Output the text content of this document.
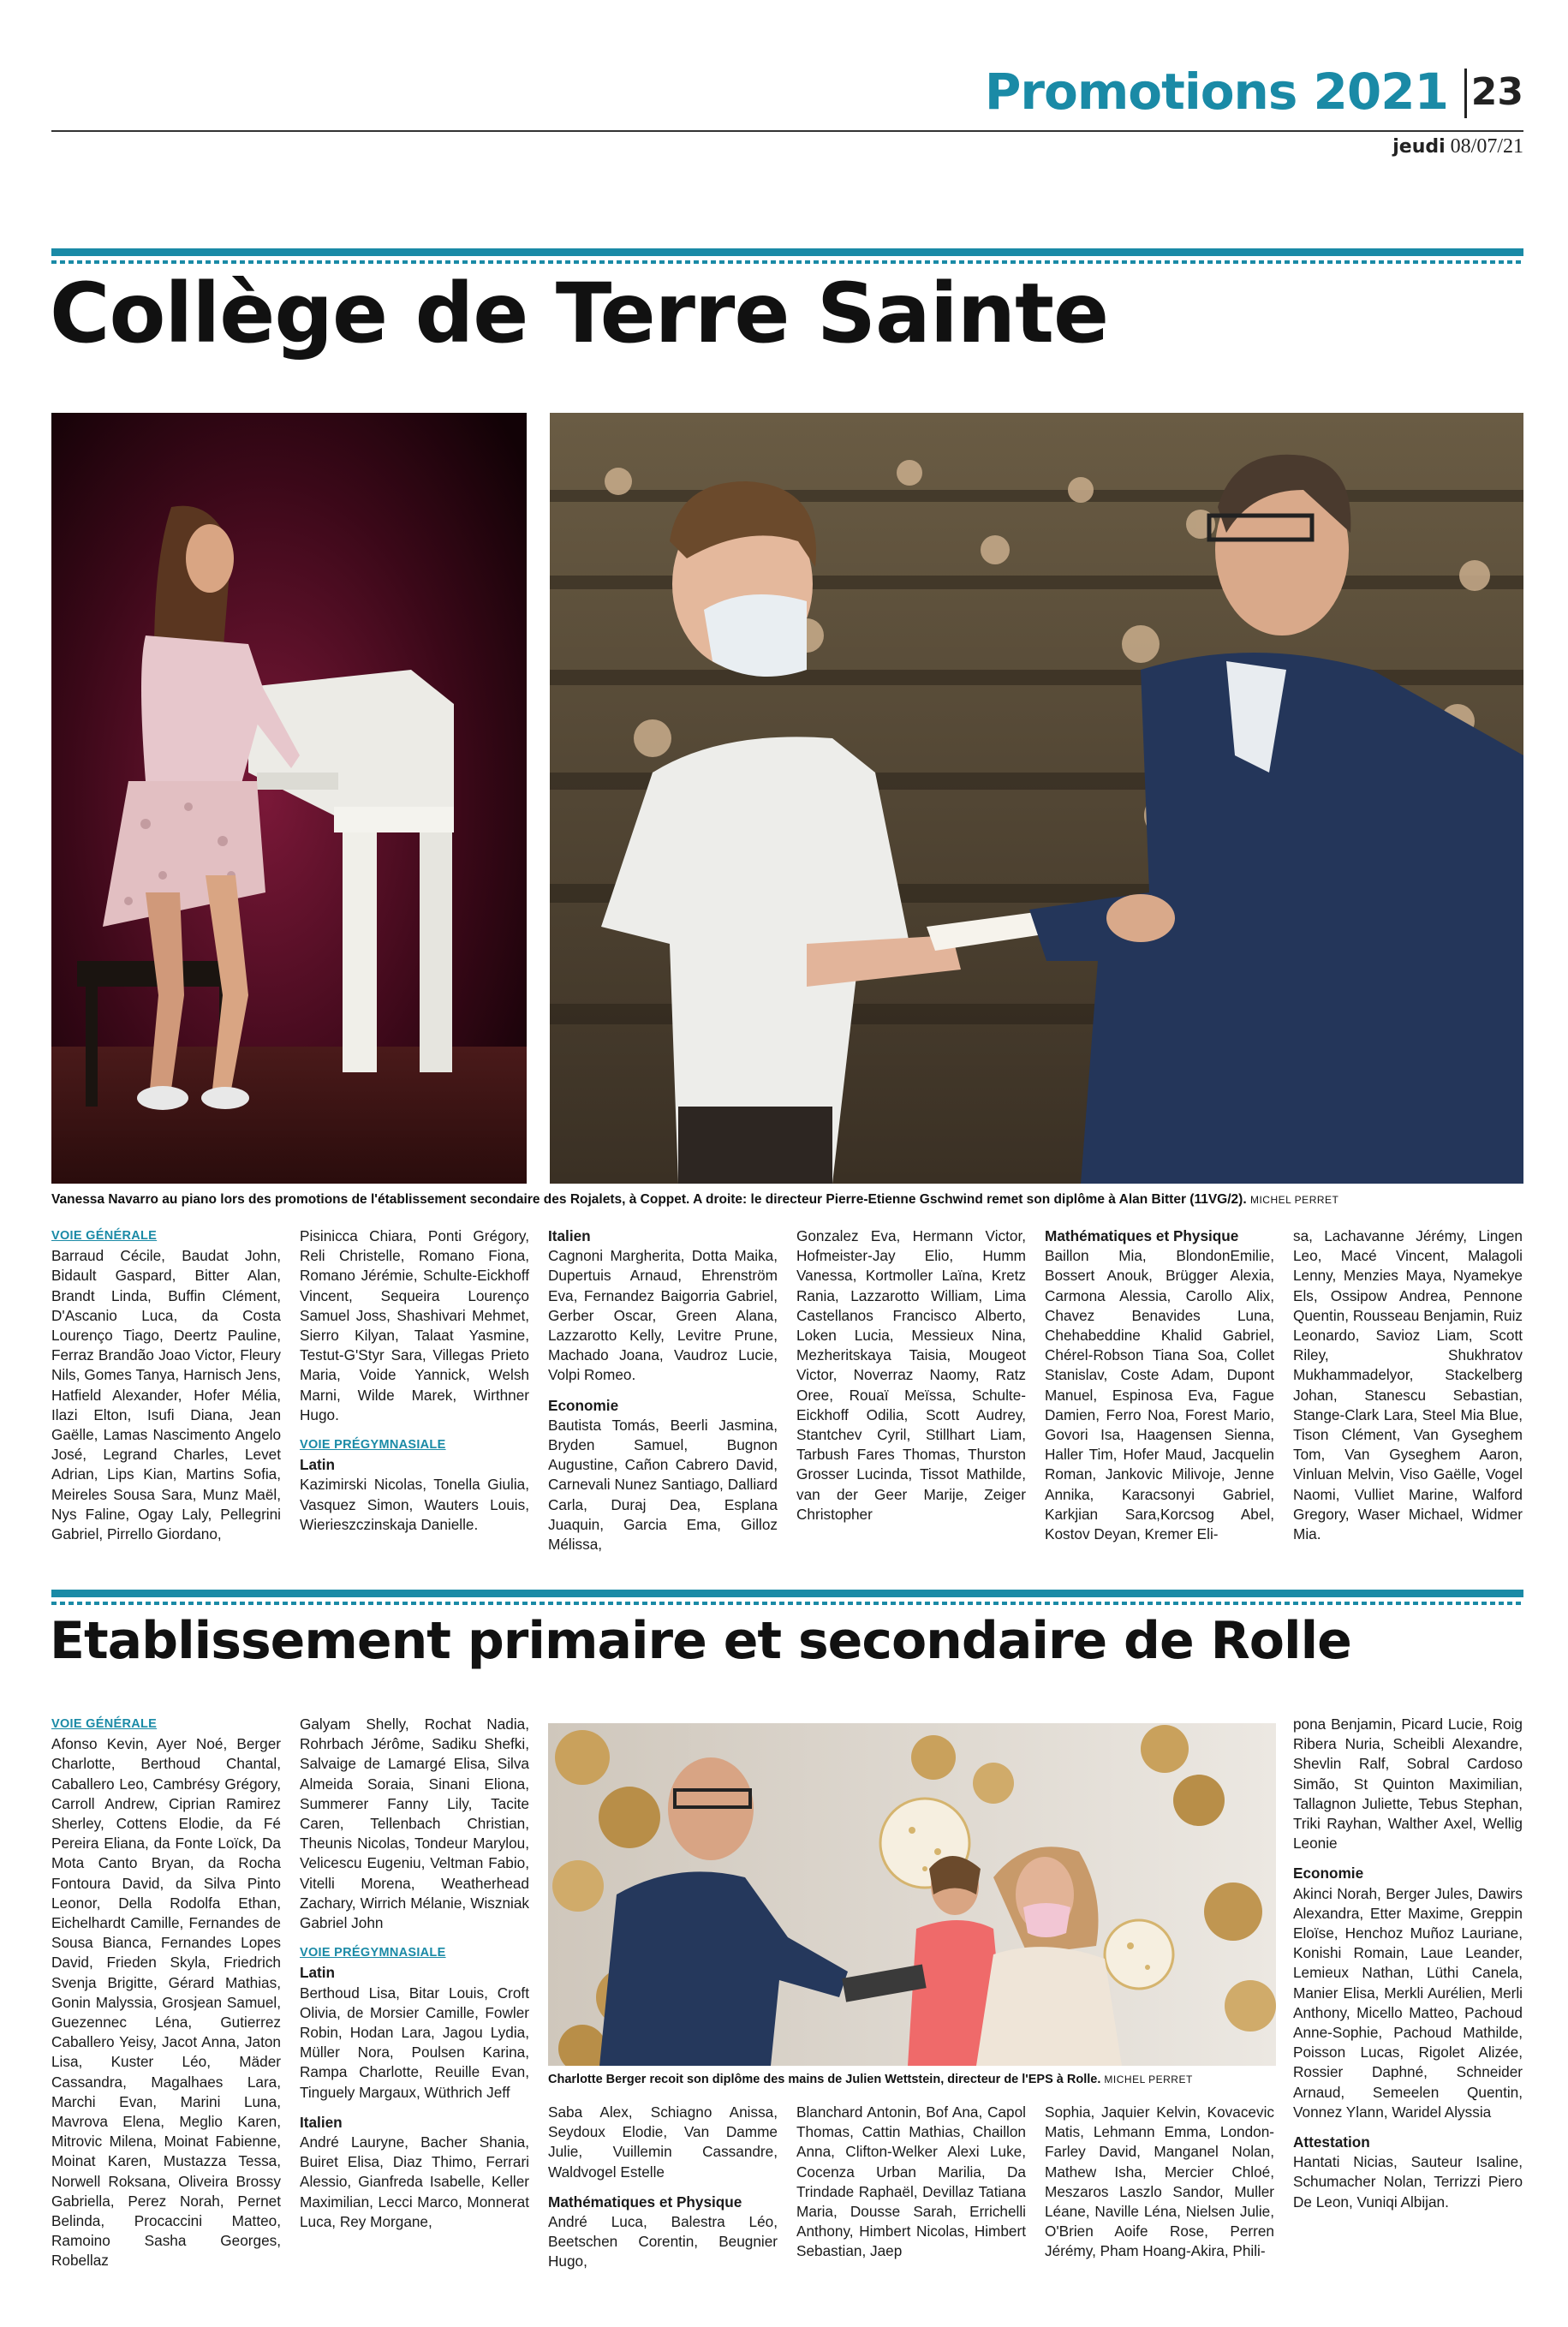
Promotions 2021 23
jeudi 08/07/21
Collège de Terre Sainte
Vanessa Navarro au piano lors des promotions de l'établissement secondaire des Rojalets, à Coppet. A droite: le directeur Pierre-Etienne Gschwind remet son diplôme à Alan Bitter (11VG/2). MICHEL PERRET

VOIE GÉNÉRALE

Barraud Cécile, Baudat John, Bidault Gaspard, Bitter Alan, Brandt Linda, Buffin Clément, D'Ascanio Luca, da Costa Lourenço Tiago, Deertz Pauline, Ferraz Brandão Joao Victor, Fleury Nils, Gomes Tanya, Harnisch Jens, Hatfield Alexander, Hofer Mélia, Ilazi Elton, Isufi Diana, Jean Gaëlle, Lamas Nascimento Angelo José, Legrand Charles, Levet Adrian, Lips Kian, Martins Sofia, Meireles Sousa Sara, Munz Maël, Nys Faline, Ogay Laly, Pellegrini Gabriel, Pirrello Giordano,

Pisinicca Chiara, Ponti Grégory, Reli Christelle, Romano Fiona, Romano Jérémie, Schulte-Eickhoff Vincent, Sequeira Lourenço Samuel Joss, Shashivari Mehmet, Sierro Kilyan, Talaat Yasmine, Testut-G'Styr Sara, Villegas Prieto Maria, Voide Yannick, Welsh Marni, Wilde Marek, Wirthner Hugo.

VOIE PRÉGYMNASIALE

Latin

Kazimirski Nicolas, Tonella Giulia, Vasquez Simon, Wauters Louis, Wierieszczinskaja Danielle.

Italien

Cagnoni Margherita, Dotta Maika, Dupertuis Arnaud, Ehrenström Eva, Fernandez Baigorria Gabriel, Gerber Oscar, Green Alana, Lazzarotto Kelly, Levitre Prune, Machado Joana, Vaudroz Lucie, Volpi Romeo.

Economie

Bautista Tomás, Beerli Jasmina, Bryden Samuel, Bugnon Augustine, Cañon Cabrero David, Carnevali Nunez Santiago, Dalliard Carla, Duraj Dea, Esplana Juaquin, Garcia Ema, Gilloz Mélissa,

Gonzalez Eva, Hermann Victor, Hofmeister-Jay Elio, Humm Vanessa, Kortmoller Laïna, Kretz Rania, Lazzarotto William, Lima Castellanos Francisco Alberto, Loken Lucia, Messieux Nina, Mezheritskaya Taisia, Mougeot Victor, Noverraz Naomy, Ratz Oree, Rouaï Meïssa, Schulte-Eickhoff Odilia, Scott Audrey, Stantchev Cyril, Stillhart Liam, Tarbush Fares Thomas, Thurston Grosser Lucinda, Tissot Mathilde, van der Geer Marije, Zeiger Christopher

Mathématiques et Physique

Baillon Mia, BlondonEmilie, Bossert Anouk, Brügger Alexia, Carmona Alessia, Carollo Alix, Chavez Benavides Luna, Chehabeddine Khalid Gabriel, Chérel-Robson Tiana Soa, Collet Stanislav, Coste Adam, Dupont Manuel, Espinosa Eva, Fague Damien, Ferro Noa, Forest Mario, Govori Isa, Haagensen Sienna, Haller Tim, Hofer Maud, Jacquelin Roman, Jankovic Milivoje, Jenne Annika, Karacsonyi Gabriel, Karkjian Sara,Korcsog Abel, Kostov Deyan, Kremer Eli-

sa, Lachavanne Jérémy, Lingen Leo, Macé Vincent, Malagoli Lenny, Menzies Maya, Nyamekye Els, Ossipow Andrea, Pennone Quentin, Rousseau Benjamin, Ruiz Leonardo, Savioz Liam, Scott Riley, Shukhratov Mukhammadelyor, Stackelberg Johan, Stanescu Sebastian, Stange-Clark Lara, Steel Mia Blue, Tison Clément, Van Gyseghem Tom, Van Gyseghem Aaron, Vinluan Melvin, Viso Gaëlle, Vogel Naomi, Vulliet Marine, Walford Gregory, Waser Michael, Widmer Mia.

Etablissement primaire et secondaire de Rolle

VOIE GÉNÉRALE

Afonso Kevin, Ayer Noé, Berger Charlotte, Berthoud Chantal, Caballero Leo, Cambrésy Grégory, Carroll Andrew, Ciprian Ramirez Sherley, Cottens Elodie, da Fé Pereira Eliana, da Fonte Loïck, Da Mota Canto Bryan, da Rocha Fontoura David, da Silva Pinto Leonor, Della Rodolfa Ethan, Eichelhardt Camille, Fernandes de Sousa Bianca, Fernandes Lopes David, Frieden Skyla, Friedrich Svenja Brigitte, Gérard Mathias, Gonin Malyssia, Grosjean Samuel, Guezennec Léna, Gutierrez Caballero Yeisy, Jacot Anna, Jaton Lisa, Kuster Léo, Mäder Cassandra, Magalhaes Lara, Marchi Evan, Marini Luna, Mavrova Elena, Meglio Karen, Mitrovic Milena, Moinat Fabienne, Moinat Karen, Mustazza Tessa, Norwell Roksana, Oliveira Brossy Gabriella, Perez Norah, Pernet Belinda, Procaccini Matteo, Ramoino Sasha Georges, Robellaz

Galyam Shelly, Rochat Nadia, Rohrbach Jérôme, Sadiku Shefki, Salvaige de Lamargé Elisa, Silva Almeida Soraia, Sinani Eliona, Summerer Fanny Lily, Tacite Caren, Tellenbach Christian, Theunis Nicolas, Tondeur Marylou, Velicescu Eugeniu, Veltman Fabio, Vitelli Morena, Weatherhead Zachary, Wirrich Mélanie, Wiszniak Gabriel John

VOIE PRÉGYMNASIALE

Latin

Berthoud Lisa, Bitar Louis, Croft Olivia, de Morsier Camille, Fowler Robin, Hodan Lara, Jagou Lydia, Müller Nora, Poulsen Karina, Rampa Charlotte, Reuille Evan, Tinguely Margaux, Wüthrich Jeff

Italien

André Lauryne, Bacher Shania, Buiret Elisa, Diaz Thimo, Ferrari Alessio, Gianfreda Isabelle, Keller Maximilian, Lecci Marco, Monnerat Luca, Rey Morgane,

Charlotte Berger recoit son diplôme des mains de Julien Wettstein, directeur de l'EPS à Rolle. MICHEL PERRET

Saba Alex, Schiagno Anissa, Seydoux Elodie, Van Damme Julie, Vuillemin Cassandre, Waldvogel Estelle

Mathématiques et Physique

André Luca, Balestra Léo, Beetschen Corentin, Beugnier Hugo,

Blanchard Antonin, Bof Ana, Capol Thomas, Cattin Mathias, Chaillon Anna, Clifton-Welker Alexi Luke, Cocenza Urban Marilia, Da Trindade Raphaël, Devillaz Tatiana Maria, Dousse Sarah, Errichelli Anthony, Himbert Nicolas, Himbert Sebastian, Jaep

Sophia, Jaquier Kelvin, Kovacevic Matis, Lehmann Emma, London-Farley David, Manganel Nolan, Mathew Isha, Mercier Chloé, Meszaros Laszlo Sandor, Muller Léane, Naville Léna, Nielsen Julie, O'Brien Aoife Rose, Perren Jérémy, Pham Hoang-Akira, Phili-

pona Benjamin, Picard Lucie, Roig Ribera Nuria, Scheibli Alexandre, Shevlin Ralf, Sobral Cardoso Simão, St Quinton Maximilian, Tallagnon Juliette, Tebus Stephan, Triki Rayhan, Walther Axel, Wellig Leonie

Economie

Akinci Norah, Berger Jules, Dawirs Alexandra, Etter Maxime, Greppin Eloïse, Henchoz Muñoz Lauriane, Konishi Romain, Laue Leander, Lemieux Nathan, Lüthi Canela, Manier Elisa, Merkli Aurélien, Merli Anthony, Micello Matteo, Pachoud Anne-Sophie, Pachoud Mathilde, Poisson Lucas, Rigolet Alizée, Rossier Daphné, Schneider Arnaud, Semeelen Quentin, Vonnez Ylann, Waridel Alyssia

Attestation

Hantati Nicias, Sauteur Isaline, Schumacher Nolan, Terrizzi Piero De Leon, Vuniqi Albijan.
